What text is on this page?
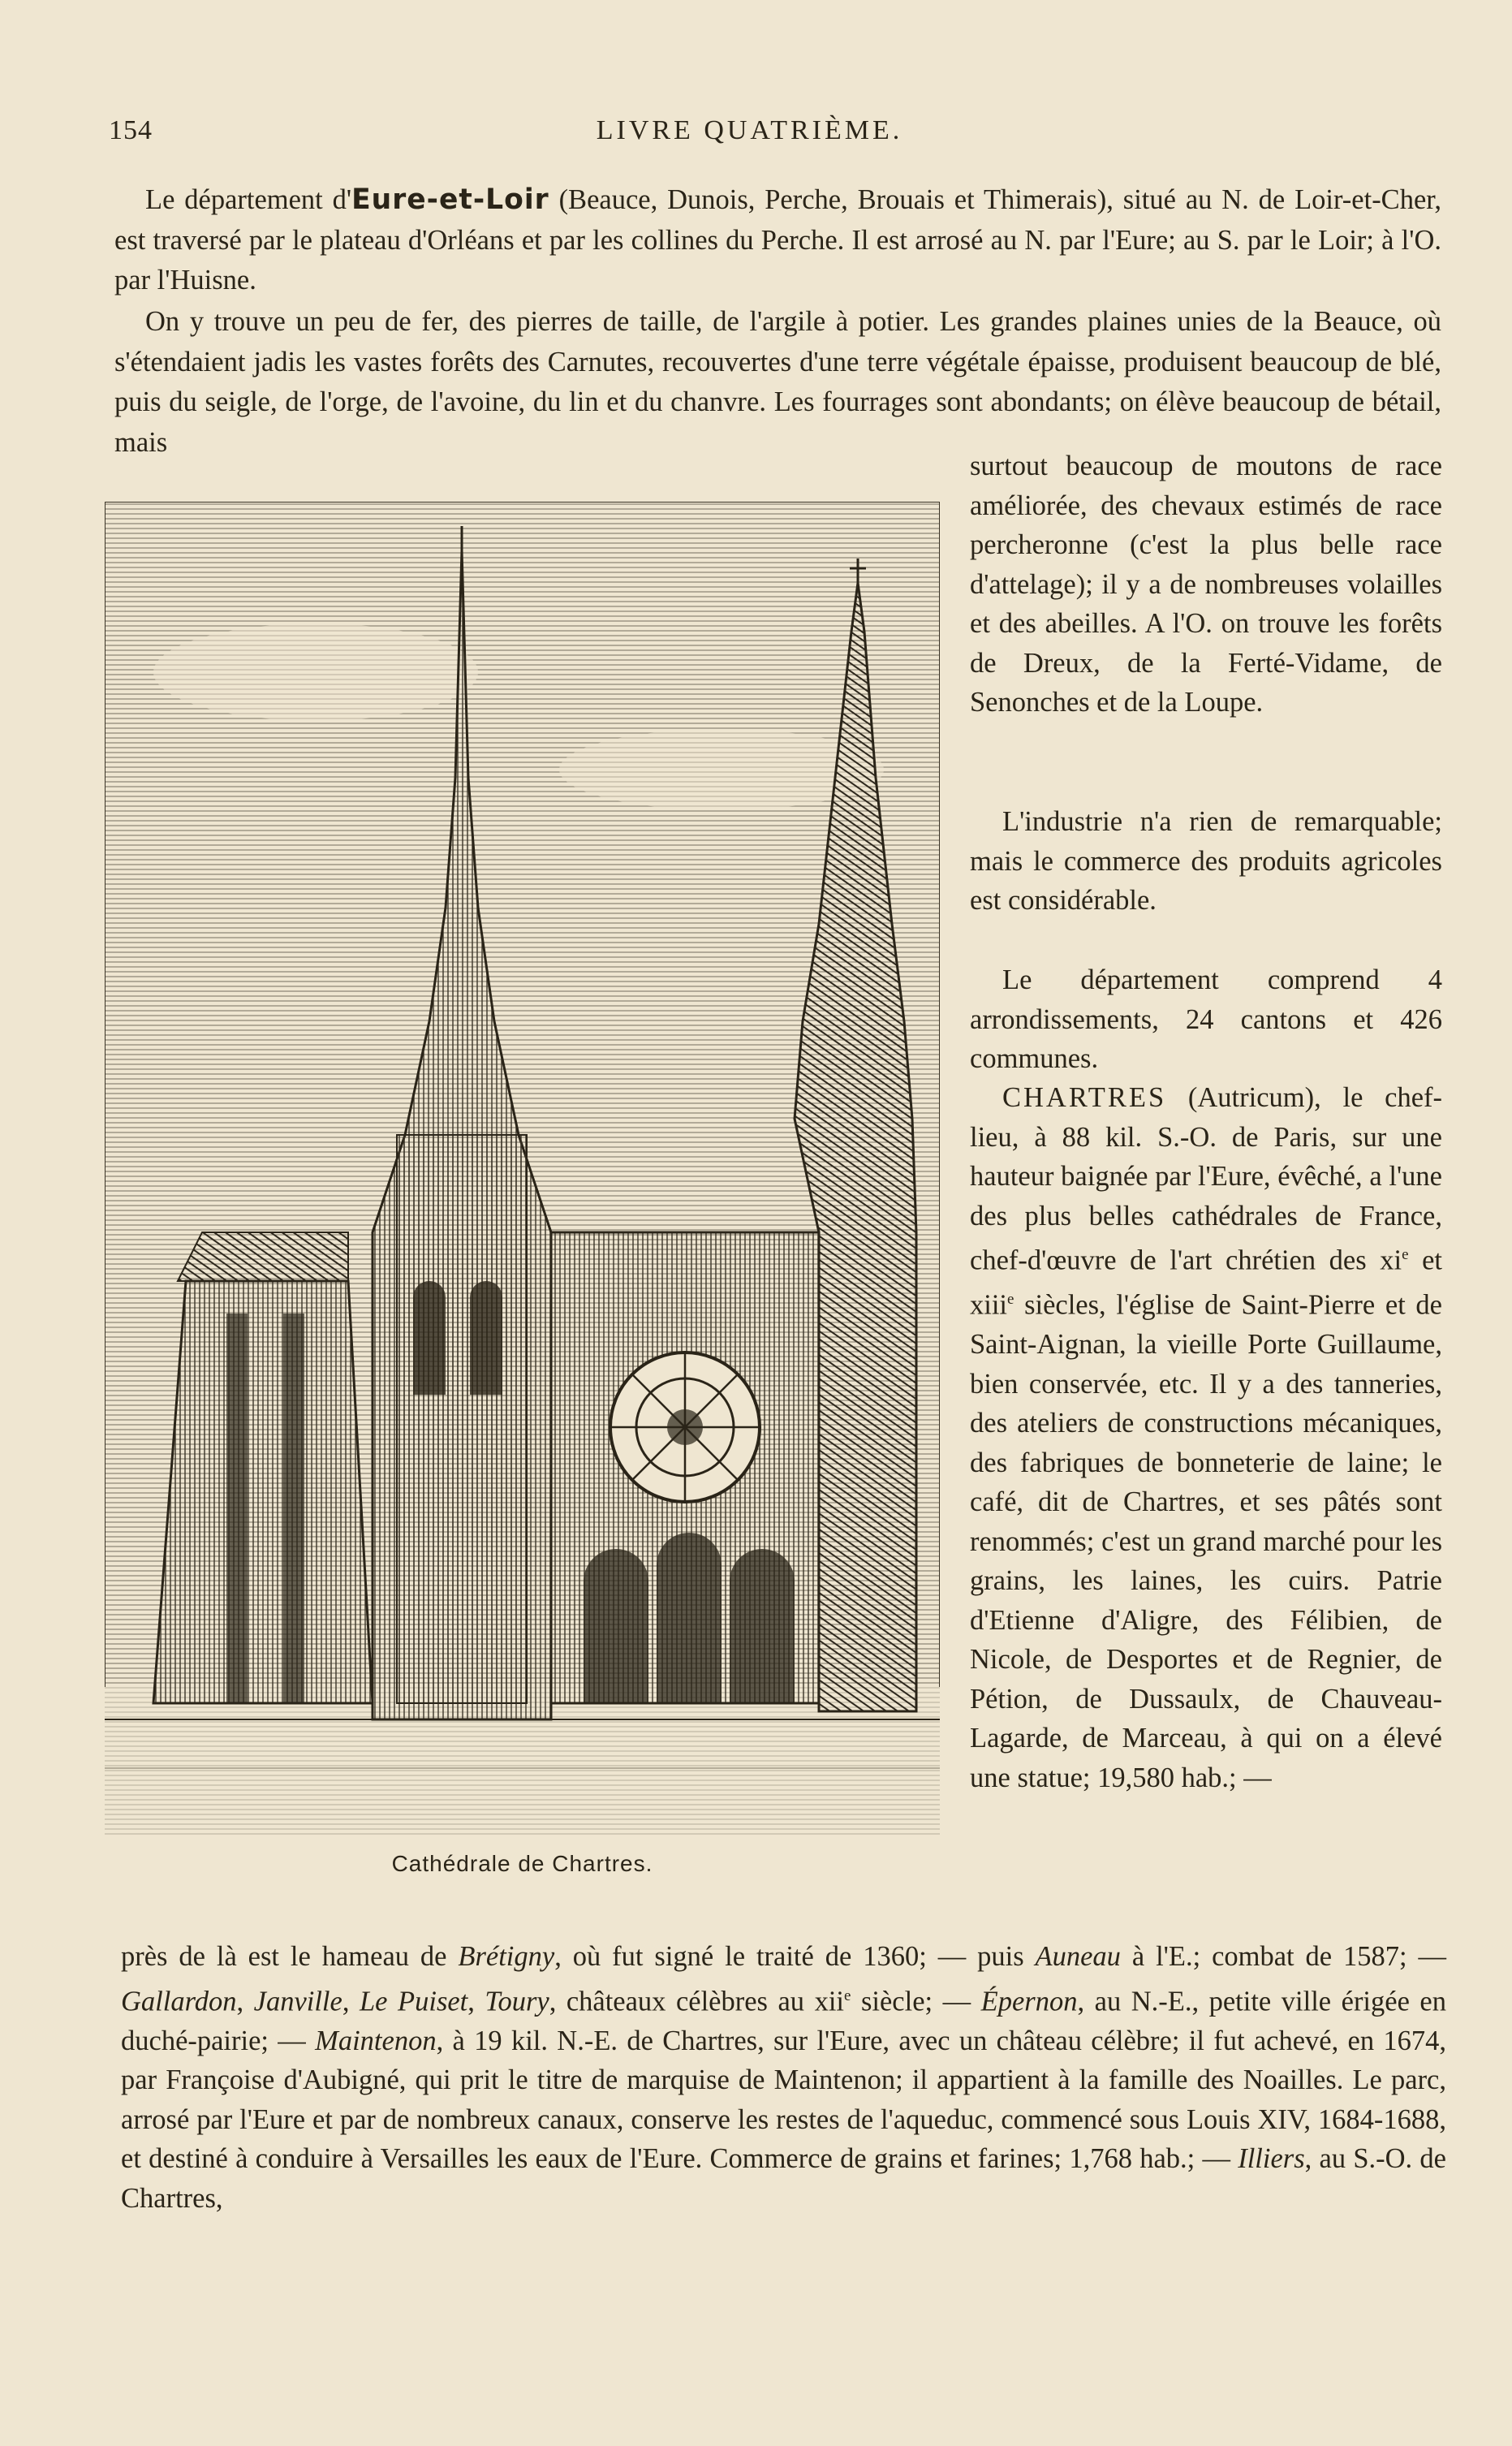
154	LIVRE QUATRIÈME.

Le département d'Eure-et-Loir (Beauce, Dunois, Perche, Brouais et Thimerais), situé au N. de Loir-et-Cher, est traversé par le plateau d'Orléans et par les collines du Perche. Il est arrosé au N. par l'Eure; au S. par le Loir; à l'O. par l'Huisne.

On y trouve un peu de fer, des pierres de taille, de l'argile à potier. Les grandes plaines unies de la Beauce, où s'étendaient jadis les vastes forêts des Carnutes, recouvertes d'une terre végétale épaisse, produisent beaucoup de blé, puis du seigle, de l'orge, de l'avoine, du lin et du chanvre. Les fourrages sont abondants; on élève beaucoup de bétail, mais

surtout beaucoup de moutons de race améliorée, des chevaux estimés de race percheronne (c'est la plus belle race d'attelage); il y a de nombreuses volailles et des abeilles. A l'O. on trouve les forêts de Dreux, de la Ferté-Vidame, de Senonches et de la Loupe.

L'industrie n'a rien de remarquable; mais le commerce des produits agricoles est considérable.

Le département comprend 4 arrondissements, 24 cantons et 426 communes.

CHARTRES (Autricum), le chef-lieu, à 88 kil. S.-O. de Paris, sur une hauteur baignée par l'Eure, évêché, a l'une des plus belles cathédrales de France, chef-d'œuvre de l'art chrétien des $xi^e$ et xiii$^e$ siècles, l'église de Saint-Pierre et de Saint-Aignan, la vieille Porte Guillaume, bien conservée, etc. Il y a des tanneries, des ateliers de constructions mécaniques, des fabriques de bonneterie de laine; le café, dit de Chartres, et ses pâtés sont renommés; c'est un grand marché pour les grains, les laines, les cuirs. Patrie d'Etienne d'Aligre, des Félibien, de Nicole, de Desportes et de Regnier, de Pétion, de Dussaulx, de Chauveau-Lagarde, de Marceau, à qui on a élevé une statue; 19,580 hab.; —

Cathédrale de Chartres.

près de là est le hameau de Brétigny, où fut signé le traité de 1360; — puis Auneau à l'E.; combat de 1587; — Gallardon, Janville, Le Puiset, Toury, châteaux célèbres au xii$^e$ siècle; — Épernon, au N.-E., petite ville érigée en duché-pairie; — Maintenon, à 19 kil. N.-E. de Chartres, sur l'Eure, avec un château célèbre; il fut achevé, en 1674, par Françoise d'Aubigné, qui prit le titre de marquise de Maintenon; il appartient à la famille des Noailles. Le parc, arrosé par l'Eure et par de nombreux canaux, conserve les restes de l'aqueduc, commencé sous Louis XIV, 1684-1688, et destiné à conduire à Versailles les eaux de l'Eure. Commerce de grains et farines; 1,768 hab.; — Illiers, au S.-O. de Chartres,
